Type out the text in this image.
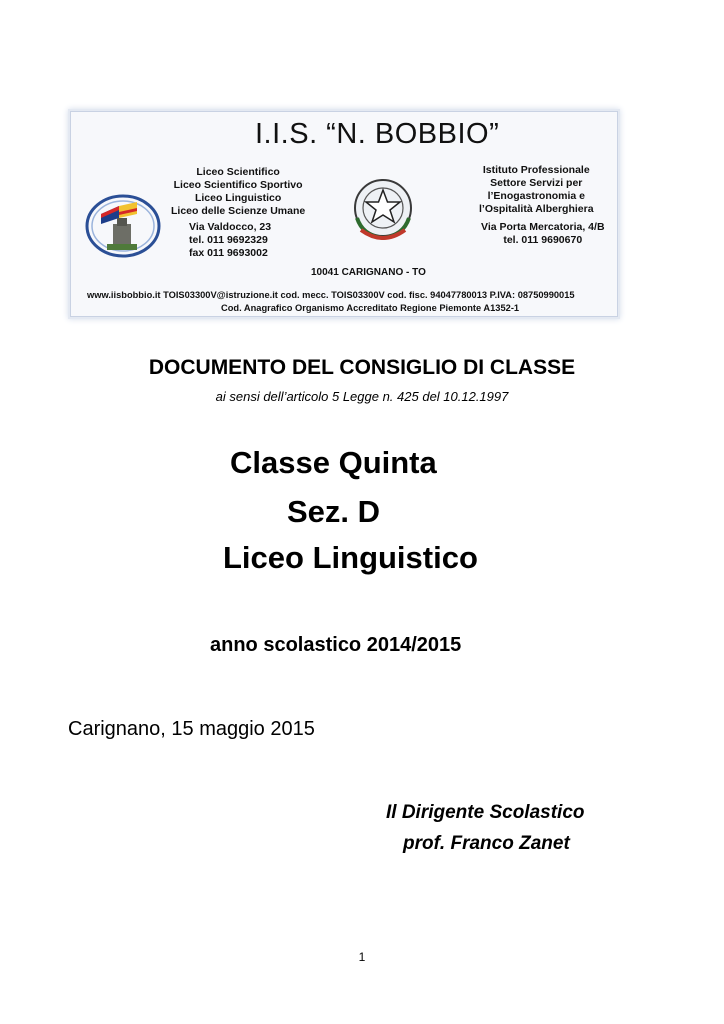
I.I.S. “N. BOBBIO”
Liceo Scientifico
Liceo Scientifico Sportivo
Liceo Linguistico
Liceo delle Scienze Umane
Via Valdocco, 23
tel. 011 9692329
fax 011 9693002
Istituto Professionale
Settore Servizi per
l’Enogastronomia e
l’Ospitalità Alberghiera
Via Porta Mercatoria, 4/B
tel. 011 9690670
10041 CARIGNANO - TO
www.iisbobbio.it TOIS03300V@istruzione.it cod. mecc. TOIS03300V cod. fisc. 94047780013 P.IVA: 08750990015
Cod. Anagrafico Organismo Accreditato Regione Piemonte A1352-1
DOCUMENTO DEL CONSIGLIO DI CLASSE
ai sensi dell’articolo 5 Legge n. 425 del 10.12.1997
Classe Quinta
Sez. D
Liceo Linguistico
anno scolastico 2014/2015
Carignano, 15 maggio 2015
Il Dirigente Scolastico
prof. Franco Zanet
1
